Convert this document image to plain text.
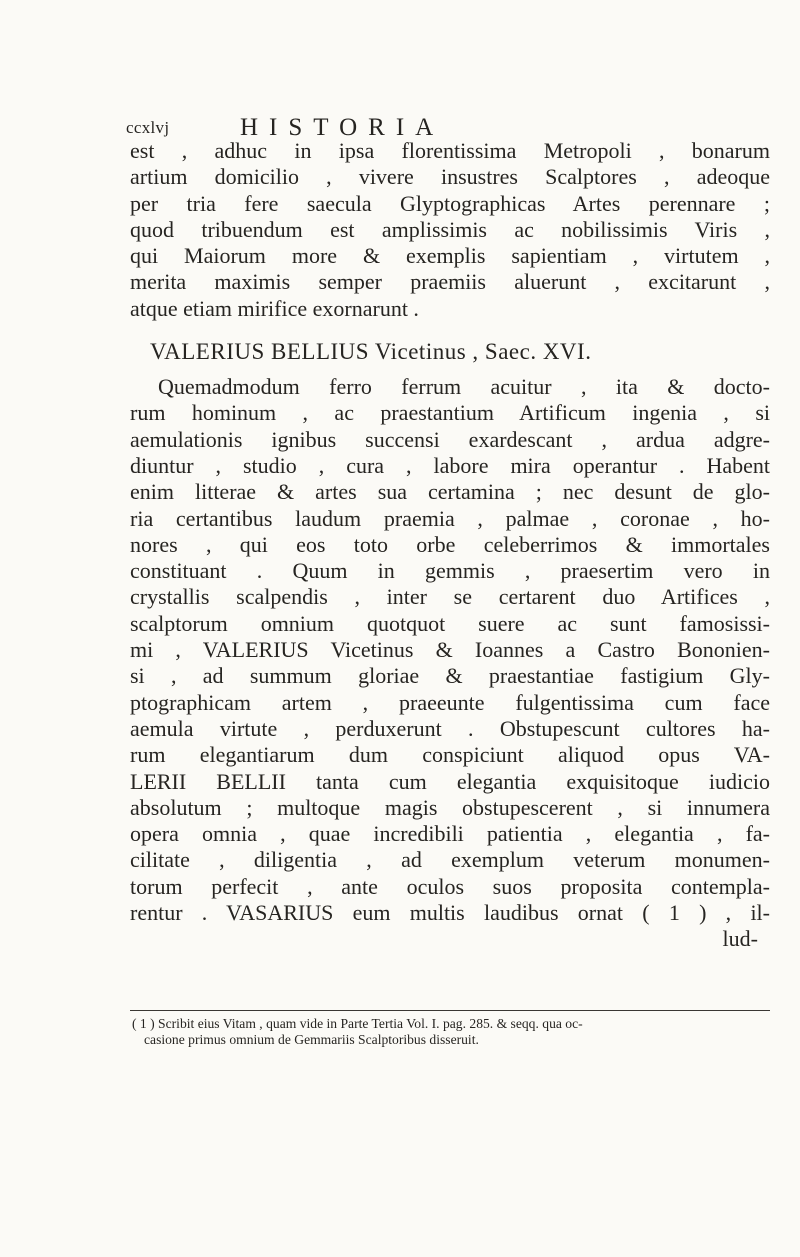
ccxlvj	HISTORIA
est , adhuc in ipsa florentissima Metropoli , bonarum
artium domicilio , vivere insustres Scalptores , adeoque
per tria fere saecula Glyptographicas Artes perennare ;
quod tribuendum est amplissimis ac nobilissimis Viris ,
qui Maiorum more & exemplis sapientiam , virtutem ,
merita maximis semper praemiis aluerunt , excitarunt ,
atque etiam mirifice exornarunt .
VALERIUS BELLIUS Vicetinus , Saec. XVI.
Quemadmodum ferro ferrum acuitur , ita & docto-
rum hominum , ac praestantium Artificum ingenia , si
aemulationis ignibus succensi exardescant , ardua adgre-
diuntur , studio , cura , labore mira operantur . Habent
enim litterae & artes sua certamina ; nec desunt de glo-
ria certantibus laudum praemia , palmae , coronae , ho-
nores , qui eos toto orbe celeberrimos & immortales
constituant . Quum in gemmis , praesertim vero in
crystallis scalpendis , inter se certarent duo Artifices ,
scalptorum omnium quotquot suere ac sunt famosissi-
mi , VALERIUS Vicetinus & Ioannes a Castro Bononien-
si , ad summum gloriae & praestantiae fastigium Gly-
ptographicam artem , praeeunte fulgentissima cum face
aemula virtute , perduxerunt . Obstupescunt cultores ha-
rum elegantiarum dum conspiciunt aliquod opus VA-
LERII BELLII tanta cum elegantia exquisitoque iudicio
absolutum ; multoque magis obstupescerent , si innumera
opera omnia , quae incredibili patientia , elegantia , fa-
cilitate , diligentia , ad exemplum veterum monumen-
torum perfecit , ante oculos suos proposita contempla-
rentur . VASARIUS eum multis laudibus ornat ( 1 ) , il-
lud-
( 1 ) Scribit eius Vitam , quam vide in Parte Tertia Vol. I. pag. 285. & seqq. qua oc-
casione primus omnium de Gemmariis Scalptoribus disseruit.
